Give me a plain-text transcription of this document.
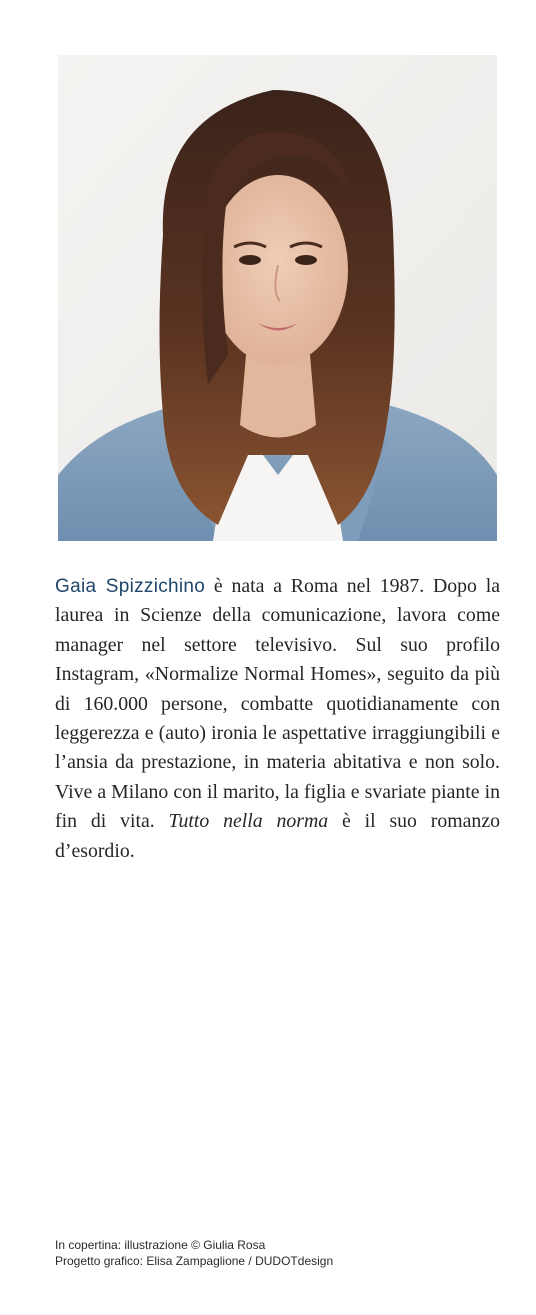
Gaia Spizzichino è nata a Roma nel 1987. Dopo la laurea in Scienze della comunicazione, lavora come manager nel settore televisivo. Sul suo profilo Instagram, «Normalize Normal Homes», seguito da più di 160.000 persone, combatte quotidianamente con leggerezza e (auto) ironia le aspettative irraggiungibili e l’ansia da prestazione, in materia abitativa e non solo. Vive a Milano con il marito, la figlia e svariate piante in fin di vita. Tutto nella norma è il suo romanzo d’esordio.

In copertina: illustrazione © Giulia Rosa
Progetto grafico: Elisa Zampaglione / DUDOTdesign
